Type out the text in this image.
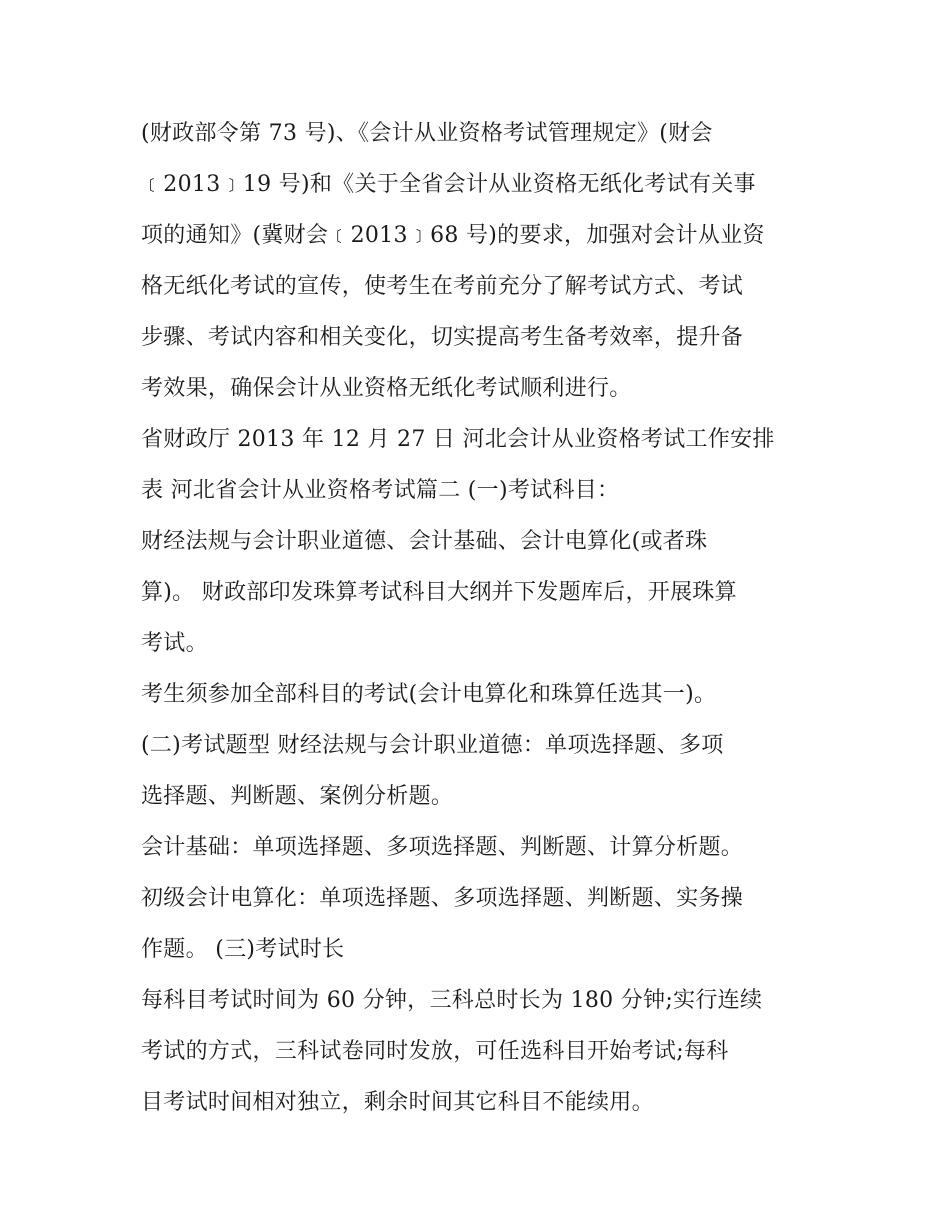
(财政部令第 73 号)、《会计从业资格考试管理规定》(财会
﹝2013﹞19 号)和《关于全省会计从业资格无纸化考试有关事
项的通知》(冀财会﹝2013﹞68 号)的要求，加强对会计从业资
格无纸化考试的宣传，使考生在考前充分了解考试方式、考试
步骤、考试内容和相关变化，切实提高考生备考效率，提升备
考效果，确保会计从业资格无纸化考试顺利进行。
省财政厅 2013 年 12 月 27 日 河北会计从业资格考试工作安排
表 河北省会计从业资格考试篇二 (一)考试科目：
财经法规与会计职业道德、会计基础、会计电算化(或者珠
算)。 财政部印发珠算考试科目大纲并下发题库后，开展珠算
考试。
考生须参加全部科目的考试(会计电算化和珠算任选其一)。
(二)考试题型 财经法规与会计职业道德：单项选择题、多项
选择题、判断题、案例分析题。
会计基础：单项选择题、多项选择题、判断题、计算分析题。
初级会计电算化：单项选择题、多项选择题、判断题、实务操
作题。 (三)考试时长
每科目考试时间为 60 分钟，三科总时长为 180 分钟;实行连续
考试的方式，三科试卷同时发放，可任选科目开始考试;每科
目考试时间相对独立，剩余时间其它科目不能续用。
